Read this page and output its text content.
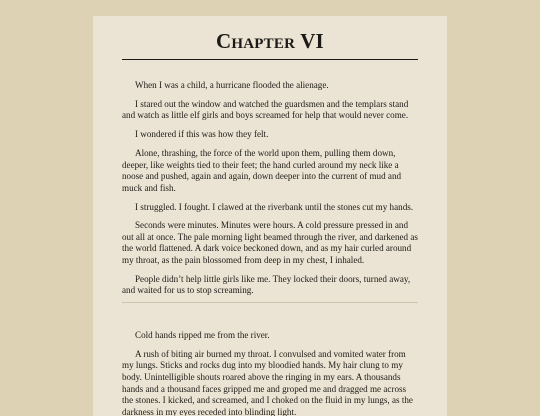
Chapter VI

When I was a child, a hurricane flooded the alienage.

I stared out the window and watched the guardsmen and the templars stand and watch as little elf girls and boys screamed for help that would never come.

I wondered if this was how they felt.

Alone, thrashing, the force of the world upon them, pulling them down, deeper, like weights tied to their feet; the hand curled around my neck like a noose and pushed, again and again, down deeper into the current of mud and muck and fish.

I struggled. I fought. I clawed at the riverbank until the stones cut my hands.

Seconds were minutes. Minutes were hours. A cold pressure pressed in and out all at once. The pale morning light beamed through the river, and darkened as the world flattened. A dark voice beckoned down, and as my hair curled around my throat, as the pain blossomed from deep in my chest, I inhaled.

People didn’t help little girls like me. They locked their doors, turned away, and waited for us to stop screaming.

Cold hands ripped me from the river.

A rush of biting air burned my throat. I convulsed and vomited water from my lungs. Sticks and rocks dug into my bloodied hands. My hair clung to my body. Unintelligible shouts roared above the ringing in my ears. A thousands hands and a thousand faces gripped me and groped me and dragged me across the stones. I kicked, and screamed, and I choked on the fluid in my lungs, as the darkness in my eyes receded into blinding light.
